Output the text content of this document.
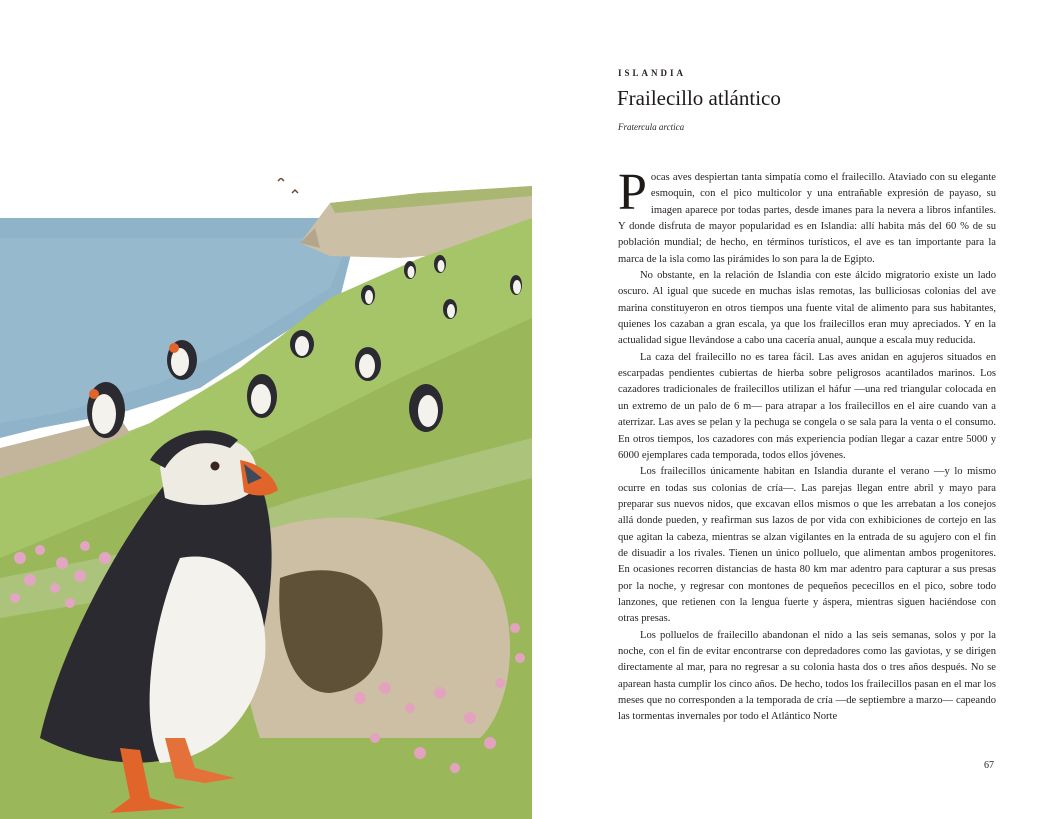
ISLANDIA
Frailecillo atlántico
Fratercula arctica

Pocas aves despiertan tanta simpatía como el frailecillo. Ataviado con su elegante esmoquin, con el pico multicolor y una entrañable expresión de payaso, su imagen aparece por todas partes, desde imanes para la nevera a libros infantiles. Y donde disfruta de mayor popularidad es en Islandia: allí habita más del 60 % de su población mundial; de hecho, en términos turísticos, el ave es tan importante para la marca de la isla como las pirámides lo son para la de Egipto.

No obstante, en la relación de Islandia con este álcido migratorio existe un lado oscuro. Al igual que sucede en muchas islas remotas, las bulliciosas colonias del ave marina constituyeron en otros tiempos una fuente vital de alimento para sus habitantes, quienes los cazaban a gran escala, ya que los frailecillos eran muy apreciados. Y en la actualidad sigue llevándose a cabo una cacería anual, aunque a escala muy reducida.

La caza del frailecillo no es tarea fácil. Las aves anidan en agujeros situados en escarpadas pendientes cubiertas de hierba sobre peligrosos acantilados marinos. Los cazadores tradicionales de frailecillos utilizan el háfur —una red triangular colocada en un extremo de un palo de 6 m— para atrapar a los frailecillos en el aire cuando van a aterrizar. Las aves se pelan y la pechuga se congela o se sala para la venta o el consumo. En otros tiempos, los cazadores con más experiencia podían llegar a cazar entre 5000 y 6000 ejemplares cada temporada, todos ellos jóvenes.

Los frailecillos únicamente habitan en Islandia durante el verano —y lo mismo ocurre en todas sus colonias de cría—. Las parejas llegan entre abril y mayo para preparar sus nuevos nidos, que excavan ellos mismos o que les arrebatan a los conejos allá donde pueden, y reafirman sus lazos de por vida con exhibiciones de cortejo en las que agitan la cabeza, mientras se alzan vigilantes en la entrada de su agujero con el fin de disuadir a los rivales. Tienen un único polluelo, que alimentan ambos progenitores. En ocasiones recorren distancias de hasta 80 km mar adentro para capturar a sus presas por la noche, y regresar con montones de pequeños pececillos en el pico, sobre todo lanzones, que retienen con la lengua fuerte y áspera, mientras siguen haciéndose con otras presas.

Los polluelos de frailecillo abandonan el nido a las seis semanas, solos y por la noche, con el fin de evitar encontrarse con depredadores como las gaviotas, y se dirigen directamente al mar, para no regresar a su colonia hasta dos o tres años después. No se aparean hasta cumplir los cinco años. De hecho, todos los frailecillos pasan en el mar los meses que no corresponden a la temporada de cría —de septiembre a marzo— capeando las tormentas invernales por todo el Atlántico Norte

67
